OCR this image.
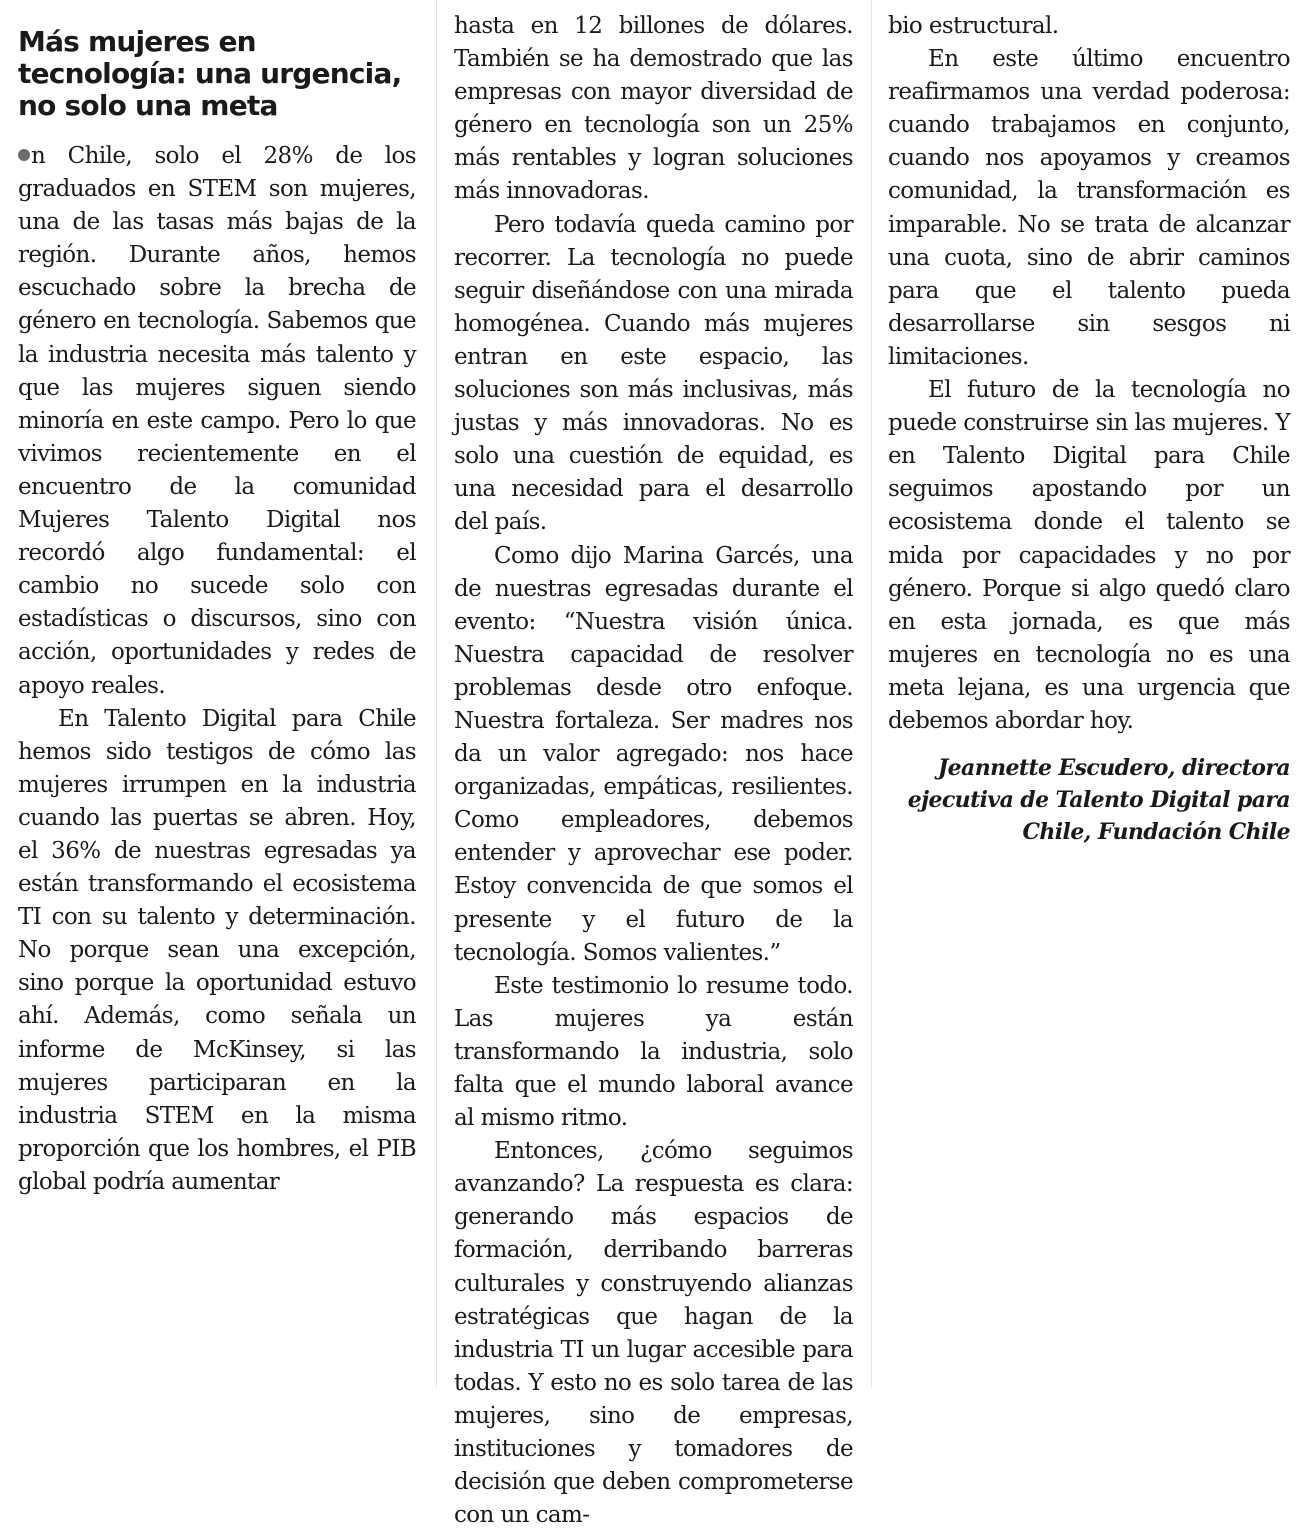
Más mujeres en tecnología: una urgencia, no solo una meta

n Chile, solo el 28% de los graduados en STEM son mujeres, una de las tasas más bajas de la región. Durante años, hemos escuchado sobre la brecha de género en tecnología. Sabemos que la industria necesita más talento y que las mujeres siguen siendo minoría en este campo. Pero lo que vivimos recientemente en el encuentro de la comunidad Mujeres Talento Digital nos recordó algo fundamental: el cambio no sucede solo con estadísticas o discursos, sino con acción, oportunidades y redes de apoyo reales.

En Talento Digital para Chile hemos sido testigos de cómo las mujeres irrumpen en la industria cuando las puertas se abren. Hoy, el 36% de nuestras egresadas ya están transformando el ecosistema TI con su talento y determinación. No porque sean una excepción, sino porque la oportunidad estuvo ahí. Además, como señala un informe de McKinsey, si las mujeres participaran en la industria STEM en la misma proporción que los hombres, el PIB global podría aumentar

hasta en 12 billones de dólares. También se ha demostrado que las empresas con mayor diversidad de género en tecnología son un 25% más rentables y logran soluciones más innovadoras.

Pero todavía queda camino por recorrer. La tecnología no puede seguir diseñándose con una mirada homogénea. Cuando más mujeres entran en este espacio, las soluciones son más inclusivas, más justas y más innovadoras. No es solo una cuestión de equidad, es una necesidad para el desarrollo del país.

Como dijo Marina Garcés, una de nuestras egresadas durante el evento: “Nuestra visión única. Nuestra capacidad de resolver problemas desde otro enfoque. Nuestra fortaleza. Ser madres nos da un valor agregado: nos hace organizadas, empáticas, resilientes. Como empleadores, debemos entender y aprovechar ese poder. Estoy convencida de que somos el presente y el futuro de la tecnología. Somos valientes.”

Este testimonio lo resume todo. Las mujeres ya están transformando la industria, solo falta que el mundo laboral avance al mismo ritmo.

Entonces, ¿cómo seguimos avanzando? La respuesta es clara: generando más espacios de formación, derribando barreras culturales y construyendo alianzas estratégicas que hagan de la industria TI un lugar accesible para todas. Y esto no es solo tarea de las mujeres, sino de empresas, instituciones y tomadores de decisión que deben comprometerse con un cam-

bio estructural.

En este último encuentro reafirmamos una verdad poderosa: cuando trabajamos en conjunto, cuando nos apoyamos y creamos comunidad, la transformación es imparable. No se trata de alcanzar una cuota, sino de abrir caminos para que el talento pueda desarrollarse sin sesgos ni limitaciones.

El futuro de la tecnología no puede construirse sin las mujeres. Y en Talento Digital para Chile seguimos apostando por un ecosistema donde el talento se mida por capacidades y no por género. Porque si algo quedó claro en esta jornada, es que más mujeres en tecnología no es una meta lejana, es una urgencia que debemos abordar hoy.

Jeannette Escudero, directora ejecutiva de Talento Digital para Chile, Fundación Chile
